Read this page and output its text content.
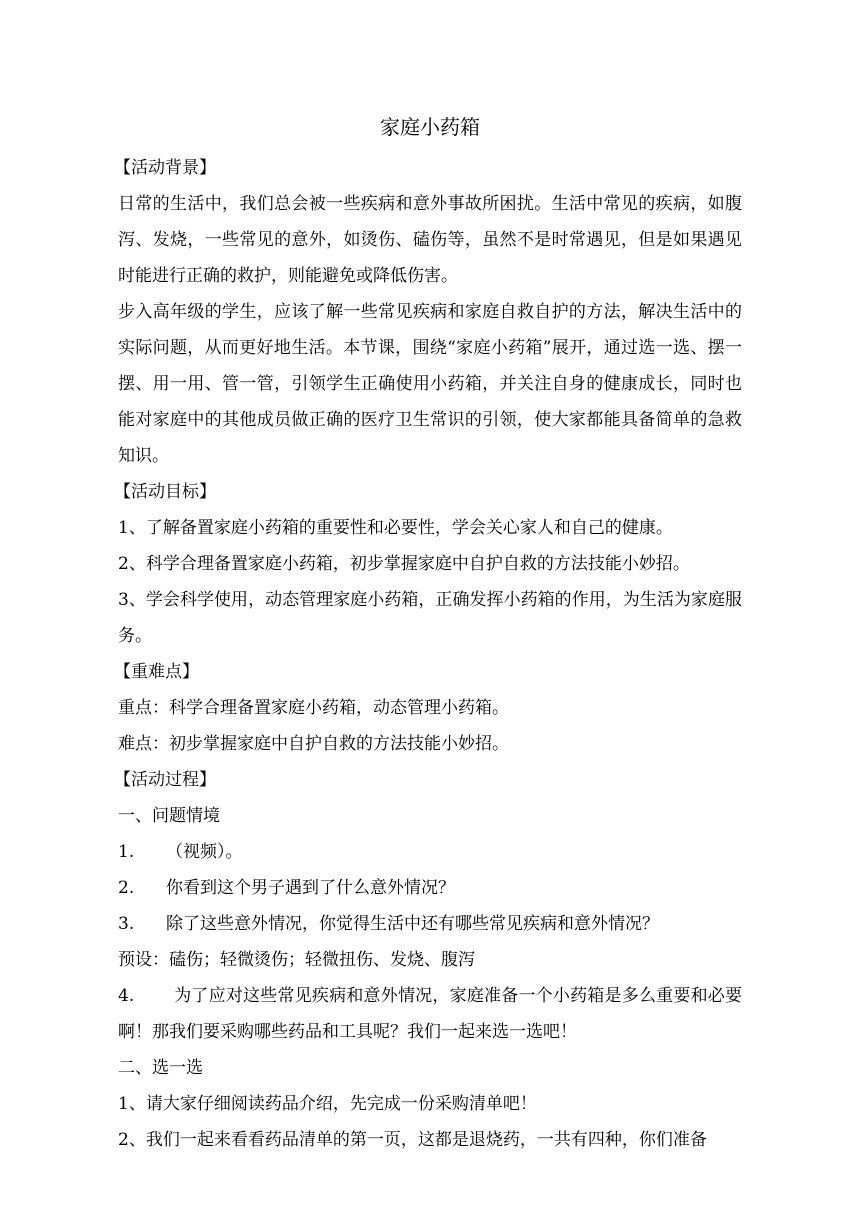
家庭小药箱

【活动背景】

日常的生活中，我们总会被一些疾病和意外事故所困扰。生活中常见的疾病，如腹泻、发烧，一些常见的意外，如烫伤、磕伤等，虽然不是时常遇见，但是如果遇见时能进行正确的救护，则能避免或降低伤害。

步入高年级的学生，应该了解一些常见疾病和家庭自救自护的方法，解决生活中的实际问题，从而更好地生活。本节课，围绕“家庭小药箱”展开，通过选一选、摆一摆、用一用、管一管，引领学生正确使用小药箱，并关注自身的健康成长，同时也能对家庭中的其他成员做正确的医疗卫生常识的引领，使大家都能具备简单的急救知识。

【活动目标】

1、了解备置家庭小药箱的重要性和必要性，学会关心家人和自己的健康。

2、科学合理备置家庭小药箱，初步掌握家庭中自护自救的方法技能小妙招。

3、学会科学使用，动态管理家庭小药箱，正确发挥小药箱的作用，为生活为家庭服务。

【重难点】

重点：科学合理备置家庭小药箱，动态管理小药箱。

难点：初步掌握家庭中自护自救的方法技能小妙招。

【活动过程】

一、问题情境

1. （视频）。

2. 你看到这个男子遇到了什么意外情况？

3. 除了这些意外情况，你觉得生活中还有哪些常见疾病和意外情况？

预设：磕伤；轻微烫伤；轻微扭伤、发烧、腹泻

4. 为了应对这些常见疾病和意外情况，家庭准备一个小药箱是多么重要和必要啊！那我们要采购哪些药品和工具呢？我们一起来选一选吧！

二、选一选

1、请大家仔细阅读药品介绍，先完成一份采购清单吧！

2、我们一起来看看药品清单的第一页，这都是退烧药，一共有四种，你们准备
